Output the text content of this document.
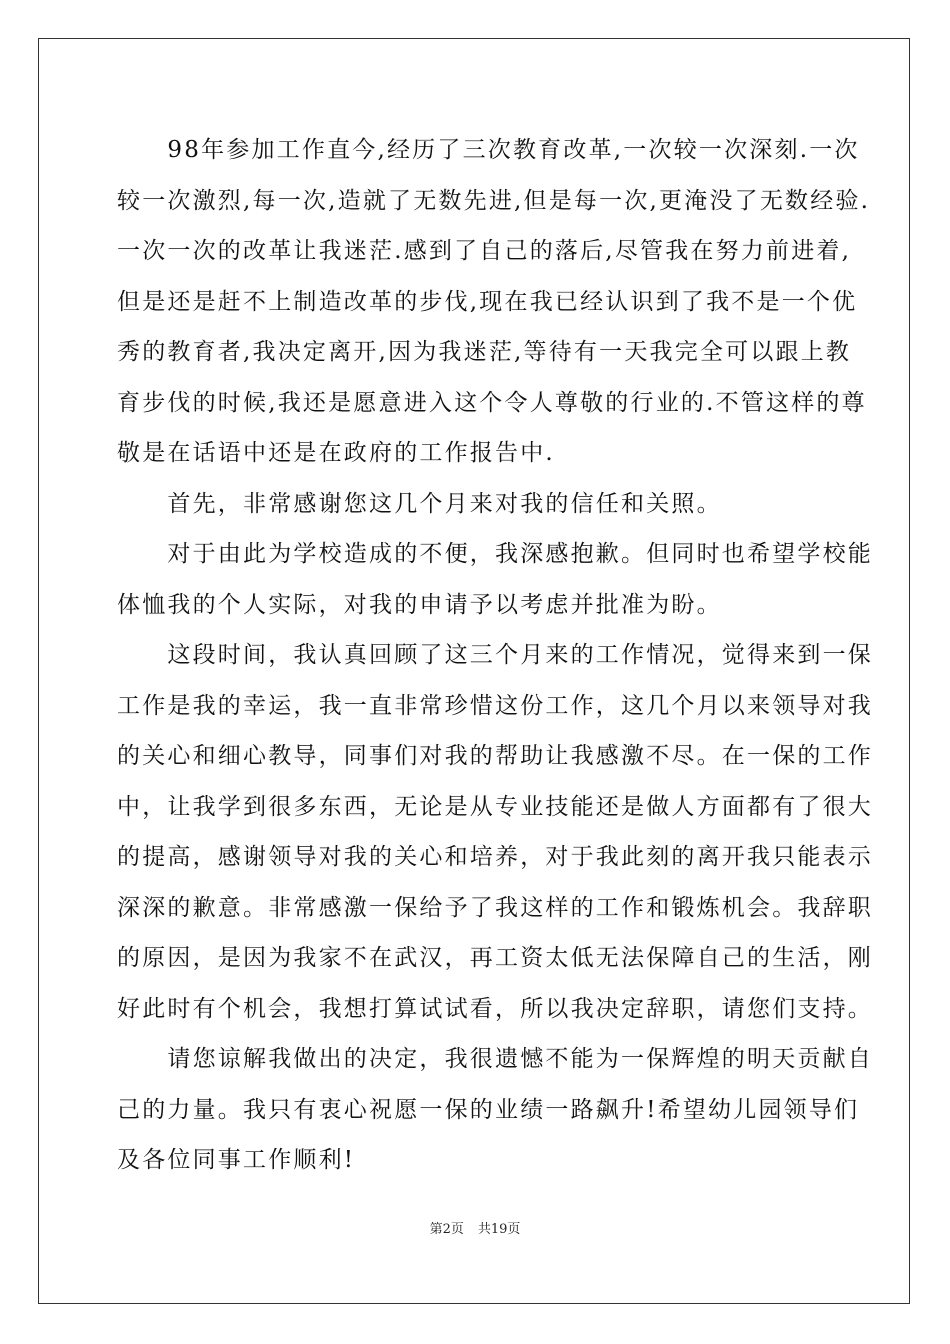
　　98年参加工作直今,经历了三次教育改革,一次较一次深刻.一次
较一次激烈,每一次,造就了无数先进,但是每一次,更淹没了无数经验.
一次一次的改革让我迷茫.感到了自己的落后,尽管我在努力前进着,
但是还是赶不上制造改革的步伐,现在我已经认识到了我不是一个优
秀的教育者,我决定离开,因为我迷茫,等待有一天我完全可以跟上教
育步伐的时候,我还是愿意进入这个令人尊敬的行业的.不管这样的尊
敬是在话语中还是在政府的工作报告中.
　　首先，非常感谢您这几个月来对我的信任和关照。
　　对于由此为学校造成的不便，我深感抱歉。但同时也希望学校能
体恤我的个人实际，对我的申请予以考虑并批准为盼。
　　这段时间，我认真回顾了这三个月来的工作情况，觉得来到一保
工作是我的幸运，我一直非常珍惜这份工作，这几个月以来领导对我
的关心和细心教导，同事们对我的帮助让我感激不尽。在一保的工作
中，让我学到很多东西，无论是从专业技能还是做人方面都有了很大
的提高，感谢领导对我的关心和培养，对于我此刻的离开我只能表示
深深的歉意。非常感激一保给予了我这样的工作和锻炼机会。我辞职
的原因，是因为我家不在武汉，再工资太低无法保障自己的生活，刚
好此时有个机会，我想打算试试看，所以我决定辞职，请您们支持。
　　请您谅解我做出的决定，我很遗憾不能为一保辉煌的明天贡献自
己的力量。我只有衷心祝愿一保的业绩一路飙升!希望幼儿园领导们
及各位同事工作顺利!
第2页 共19页
